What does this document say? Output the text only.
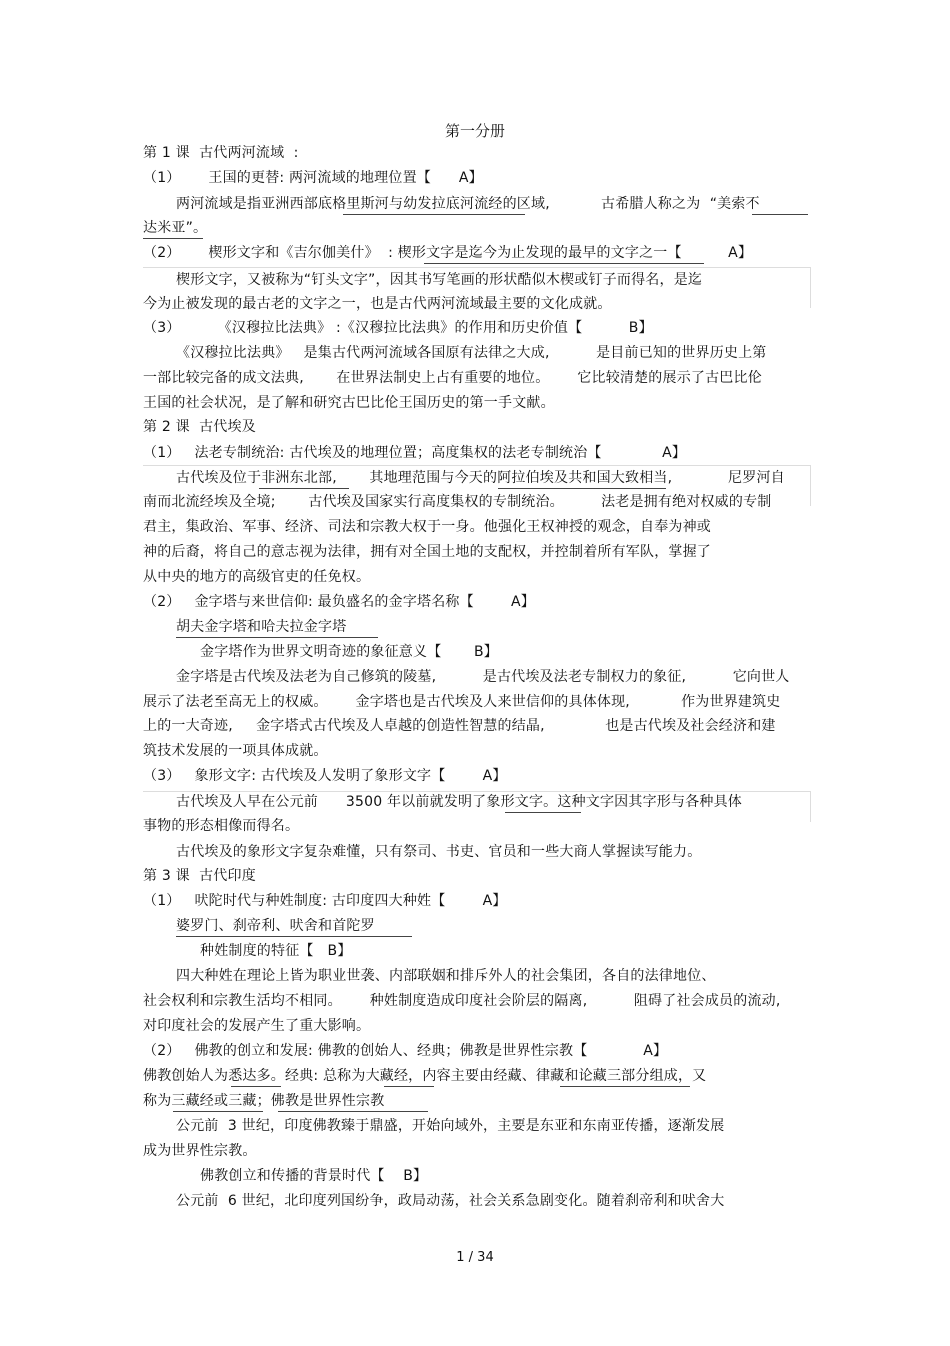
第一分册
第 1 课  古代两河流域  :
（1）      王国的更替: 两河流域的地理位置【      A】
两河流域是指亚洲西部底格里斯河与幼发拉底河流经的区域,           古希腊人称之为  “美索不
达米亚”。
（2）      楔形文字和《吉尔伽美什》  : 楔形文字是迄今为止发现的最早的文字之一【          A】
楔形文字，又被称为“钉头文字”，因其书写笔画的形状酷似木楔或钉子而得名，是迄
今为止被发现的最古老的文字之一，也是古代两河流域最主要的文化成就。
（3）        《汉穆拉比法典》 :《汉穆拉比法典》的作用和历史价值【          B】
《汉穆拉比法典》   是集古代两河流域各国原有法律之大成,          是目前已知的世界历史上第
一部比较完备的成文法典,       在世界法制史上占有重要的地位。      它比较清楚的展示了古巴比伦
王国的社会状况，是了解和研究古巴比伦王国历史的第一手文献。
第 2 课  古代埃及
（1）   法老专制统治: 古代埃及的地理位置；高度集权的法老专制统治【             A】
古代埃及位于非洲东北部,       其地理范围与今天的阿拉伯埃及共和国大致相当,            尼罗河自
南而北流经埃及全境;       古代埃及国家实行高度集权的专制统治。        法老是拥有绝对权威的专制
君主，集政治、军事、经济、司法和宗教大权于一身。他强化王权神授的观念，自奉为神或
神的后裔，将自己的意志视为法律，拥有对全国土地的支配权，并控制着所有军队，掌握了
从中央的地方的高级官吏的任免权。
（2）   金字塔与来世信仰: 最负盛名的金字塔名称【        A】
胡夫金字塔和哈夫拉金字塔
金字塔作为世界文明奇迹的象征意义【       B】
金字塔是古代埃及法老为自己修筑的陵墓,          是古代埃及法老专制权力的象征,          它向世人
展示了法老至高无上的权威。      金字塔也是古代埃及人来世信仰的具体体现,           作为世界建筑史
上的一大奇迹,     金字塔式古代埃及人卓越的创造性智慧的结晶,             也是古代埃及社会经济和建
筑技术发展的一项具体成就。
（3）   象形文字: 古代埃及人发明了象形文字【        A】
古代埃及人早在公元前      3500 年以前就发明了象形文字。这种文字因其字形与各种具体
事物的形态相像而得名。
古代埃及的象形文字复杂难懂，只有祭司、书吏、官员和一些大商人掌握读写能力。
第 3 课  古代印度
（1）   吠陀时代与种姓制度: 古印度四大种姓【        A】
婆罗门、刹帝利、吠舍和首陀罗
种姓制度的特征【   B】
四大种姓在理论上皆为职业世袭、内部联姻和排斥外人的社会集团，各自的法律地位、
社会权利和宗教生活均不相同。      种姓制度造成印度社会阶层的隔离,          阻碍了社会成员的流动,
对印度社会的发展产生了重大影响。
（2）   佛教的创立和发展: 佛教的创始人、经典；佛教是世界性宗教【            A】
佛教创始人为悉达多。经典: 总称为大藏经，内容主要由经藏、律藏和论藏三部分组成，又
称为三藏经或三藏；佛教是世界性宗教
公元前  3 世纪，印度佛教臻于鼎盛，开始向域外，主要是东亚和东南亚传播，逐渐发展
成为世界性宗教。
佛教创立和传播的背景时代【    B】
公元前  6 世纪，北印度列国纷争，政局动荡，社会关系急剧变化。随着刹帝利和吠舍大
1 / 34
